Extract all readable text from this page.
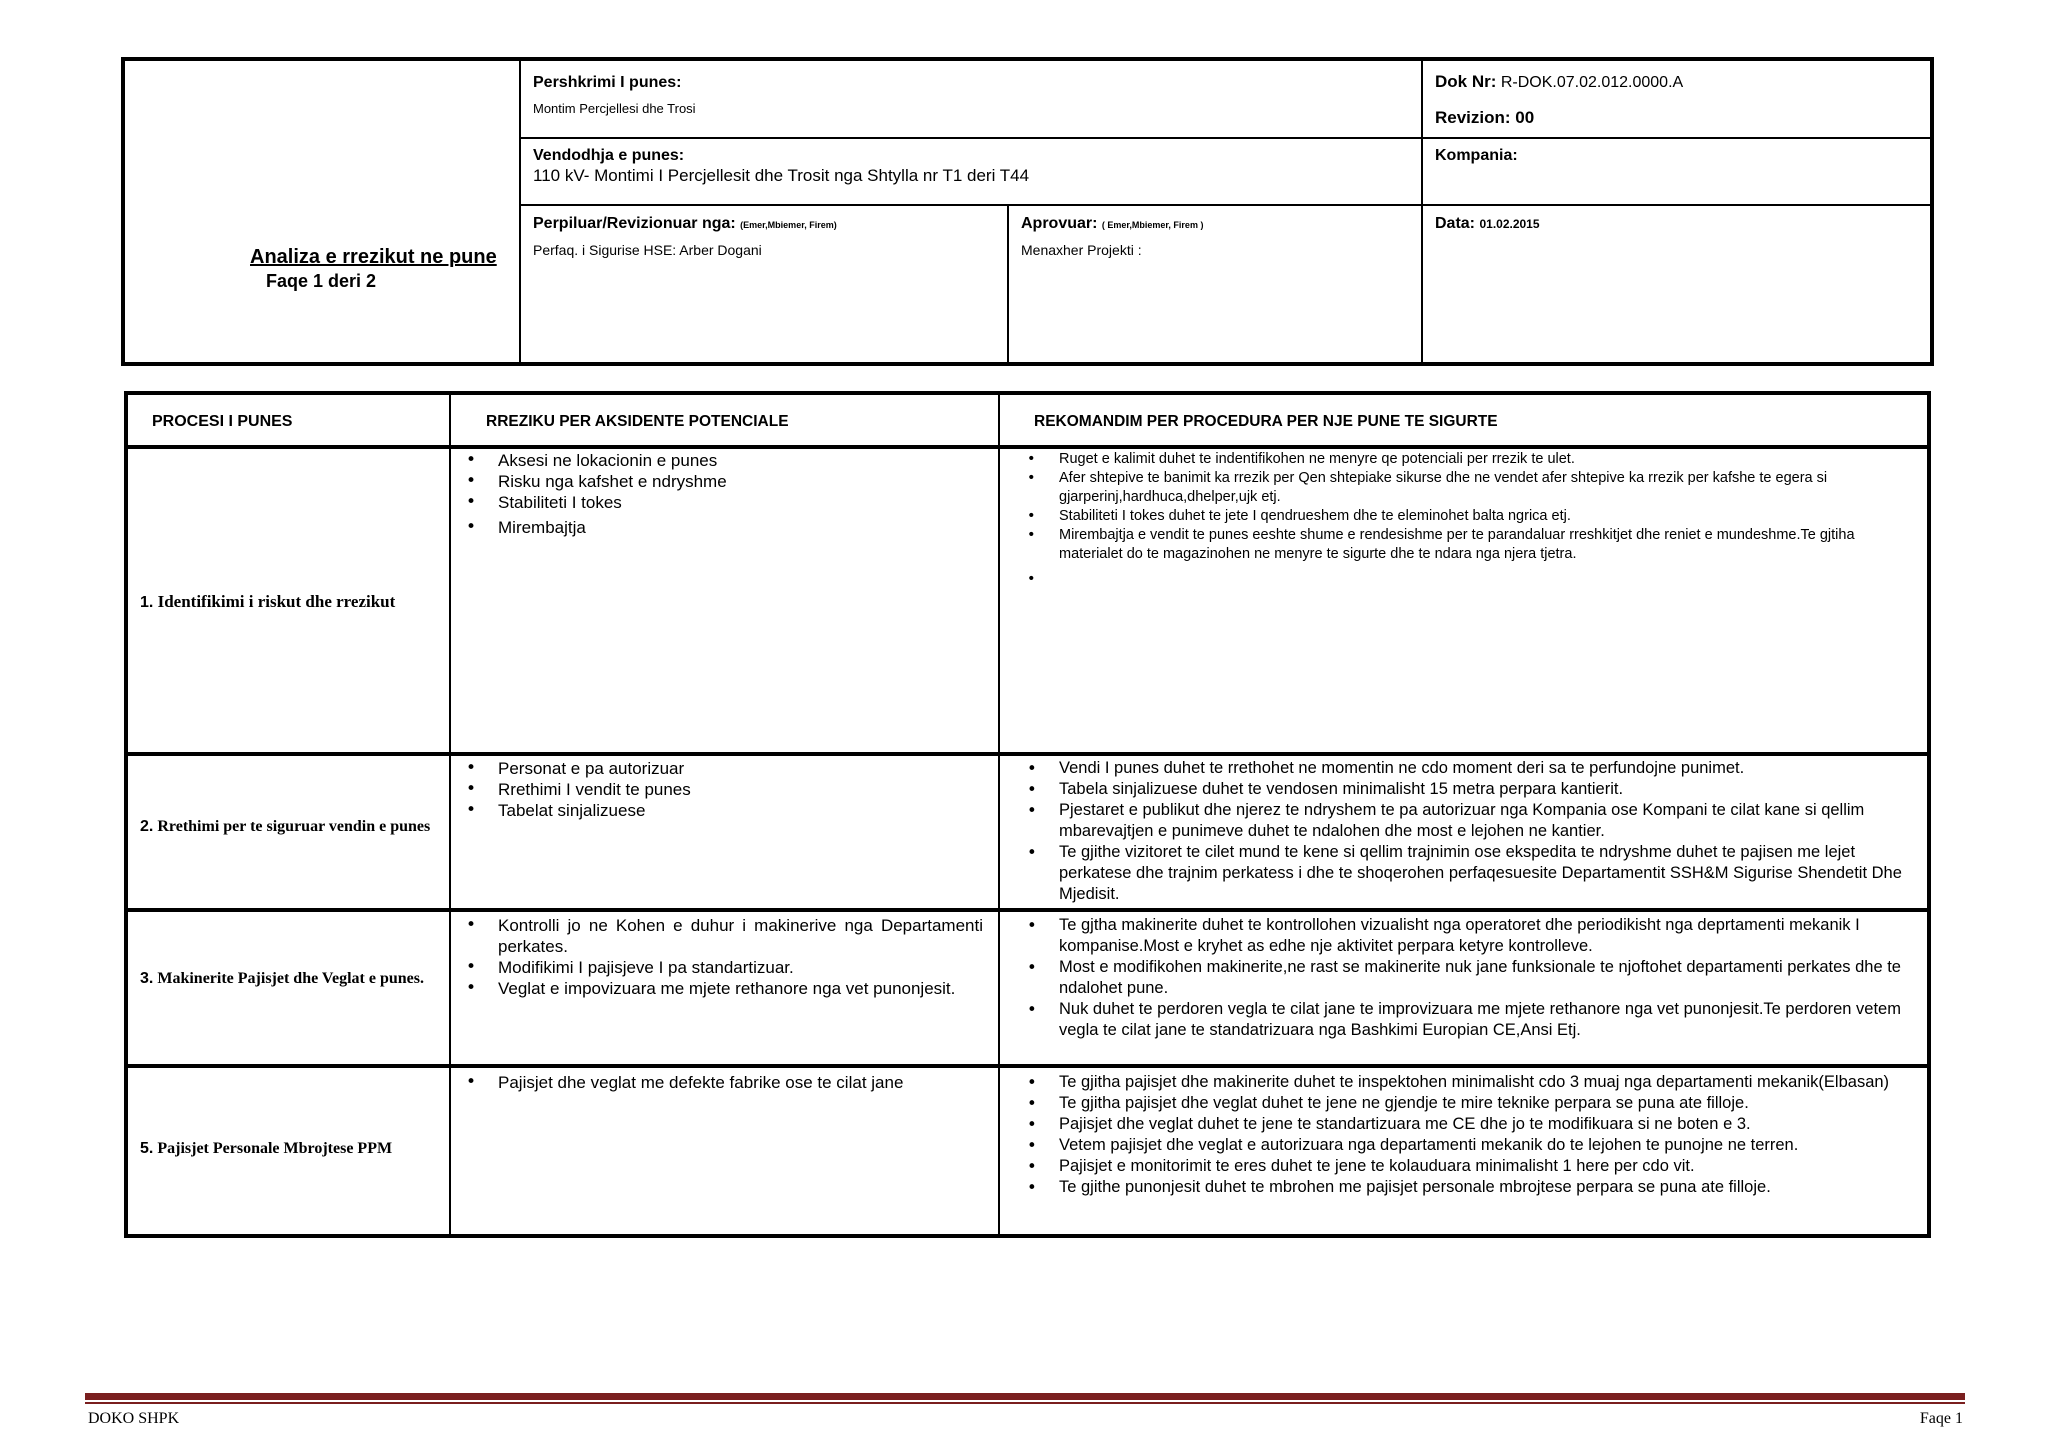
Analiza e rrezikut ne pune
Faqe 1 deri 2
Pershkrimi I punes:
Montim Percjellesi dhe Trosi
Dok Nr: R-DOK.07.02.012.0000.A
Revizion: 00
Vendodhja e punes:
110 kV- Montimi I Percjellesit dhe Trosit nga Shtylla nr T1 deri T44
Kompania:
Perpiluar/Revizionuar nga: (Emer,Mbiemer, Firem)
Perfaq. i Sigurise HSE: Arber Dogani
Aprovuar: ( Emer,Mbiemer, Firem )
Menaxher Projekti :
Data: 01.02.2015
PROCESI I PUNES	RREZIKU PER AKSIDENTE POTENCIALE	REKOMANDIM PER PROCEDURA PER NJE PUNE TE SIGURTE
1. Identifikimi i riskut dhe rrezikut
• Aksesi ne lokacionin e punes
• Risku nga kafshet e ndryshme
• Stabiliteti I tokes
• Mirembajtja
• Ruget e kalimit duhet te indentifikohen ne menyre qe potenciali per rrezik te ulet.
• Afer shtepive te banimit ka rrezik per Qen shtepiake sikurse dhe ne vendet afer shtepive ka rrezik per kafshe te egera si gjarperinj,hardhuca,dhelper,ujk etj.
• Stabiliteti I tokes duhet te jete I qendrueshem dhe te eleminohet balta ngrica etj.
• Mirembajtja e vendit te punes eeshte shume e rendesishme per te parandaluar rreshkitjet dhe reniet e mundeshme.Te gjtiha materialet do te magazinohen ne menyre te sigurte dhe te ndara nga njera tjetra.
•
2. Rrethimi per te siguruar vendin e punes
• Personat e pa autorizuar
• Rrethimi I vendit te punes
• Tabelat sinjalizuese
• Vendi I punes duhet te rrethohet ne momentin ne cdo moment deri sa te perfundojne punimet.
• Tabela sinjalizuese duhet te vendosen minimalisht 15 metra perpara kantierit.
• Pjestaret e publikut dhe njerez te ndryshem te pa autorizuar nga Kompania ose Kompani te cilat kane si qellim mbarevajtjen e punimeve duhet te ndalohen dhe most e lejohen ne kantier.
• Te gjithe vizitoret te cilet mund te kene si qellim trajnimin ose ekspedita te ndryshme duhet te pajisen me lejet perkatese dhe trajnim perkatess i dhe te shoqerohen perfaqesuesite Departamentit SSH&M Sigurise Shendetit Dhe Mjedisit.
3. Makinerite Pajisjet dhe Veglat e punes.
• Kontrolli jo ne Kohen e duhur i makinerive nga Departamenti perkates.
• Modifikimi I pajisjeve I pa standartizuar.
• Veglat e impovizuara me mjete rethanore nga vet punonjesit.
• Te gjtha makinerite duhet te kontrollohen vizualisht nga operatoret dhe periodikisht nga deprtamenti mekanik I kompanise.Most e kryhet as edhe nje aktivitet perpara ketyre kontrolleve.
• Most e modifikohen makinerite,ne rast se makinerite nuk jane funksionale te njoftohet departamenti perkates dhe te ndalohet pune.
• Nuk duhet te perdoren vegla te cilat jane te improvizuara me mjete rethanore nga vet punonjesit.Te perdoren vetem vegla te cilat jane te standatrizuara nga Bashkimi Europian CE,Ansi Etj.
5. Pajisjet Personale Mbrojtese PPM
• Pajisjet dhe veglat me defekte fabrike ose te cilat jane
•	Te gjitha pajisjet dhe makinerite duhet te inspektohen minimalisht cdo 3 muaj nga departamenti mekanik(Elbasan)
• Te gjitha pajisjet dhe veglat duhet te jene ne gjendje te mire teknike perpara se puna ate filloje.
• Pajisjet dhe veglat duhet te jene te standartizuara me CE dhe jo te modifikuara si ne boten e 3.
• Vetem pajisjet dhe veglat e autorizuara nga departamenti mekanik do te lejohen te punojne ne terren.
• Pajisjet e monitorimit te eres duhet te jene te kolauduara minimalisht 1 here per cdo vit.
• Te gjithe punonjesit duhet te mbrohen me pajisjet personale mbrojtese perpara se puna ate filloje.
DOKO SHPK	Faqe 1
